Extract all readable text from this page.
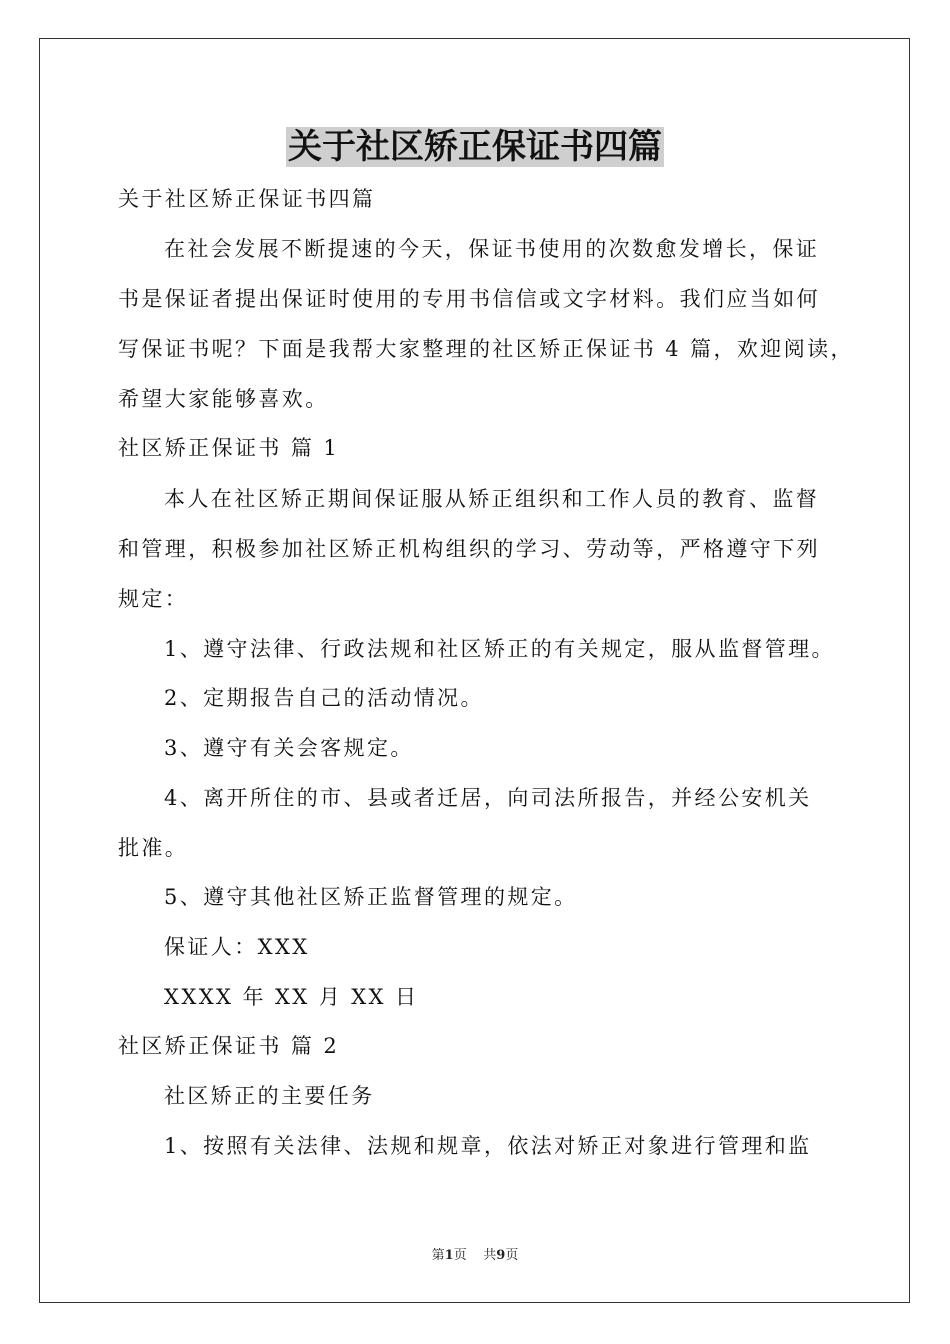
关于社区矫正保证书四篇

关于社区矫正保证书四篇

在社会发展不断提速的今天，保证书使用的次数愈发增长，保证

书是保证者提出保证时使用的专用书信信或文字材料。我们应当如何

写保证书呢？下面是我帮大家整理的社区矫正保证书 4 篇，欢迎阅读，

希望大家能够喜欢。

社区矫正保证书 篇 1

本人在社区矫正期间保证服从矫正组织和工作人员的教育、监督

和管理，积极参加社区矫正机构组织的学习、劳动等，严格遵守下列

规定：

1、遵守法律、行政法规和社区矫正的有关规定，服从监督管理。

2、定期报告自己的活动情况。

3、遵守有关会客规定。

4、离开所住的市、县或者迁居，向司法所报告，并经公安机关

批准。

5、遵守其他社区矫正监督管理的规定。

保证人：XXX

XXXX 年 XX 月 XX 日

社区矫正保证书 篇 2

社区矫正的主要任务

1、按照有关法律、法规和规章，依法对矫正对象进行管理和监

第1页 共9页
